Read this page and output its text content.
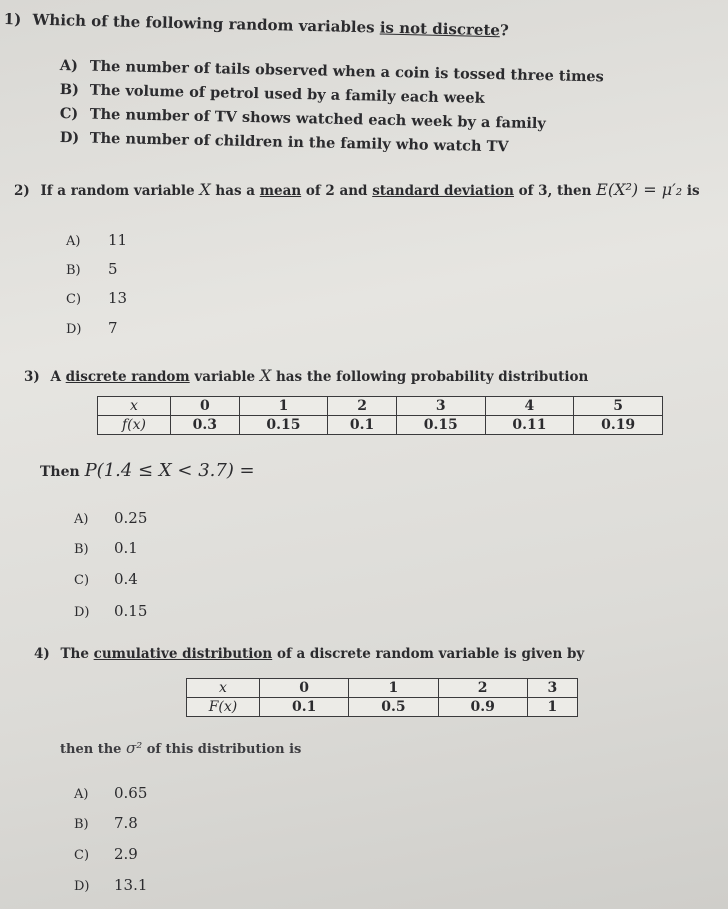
1) Which of the following random variables is not discrete?
A) The number of tails observed when a coin is tossed three times
B) The volume of petrol used by a family each week
C) The number of TV shows watched each week by a family
D) The number of children in the family who watch TV
2) If a random variable X has a mean of 2 and standard deviation of 3, then E(X²) = μ′₂ is
A) 11
B) 5
C) 13
D) 7
3) A discrete random variable X has the following probability distribution
x	0	1	2	3	4	5
f(x)	0.3	0.15	0.1	0.15	0.11	0.19
Then P(1.4 ≤ X < 3.7) =
A) 0.25
B) 0.1
C) 0.4
D) 0.15
4) The cumulative distribution of a discrete random variable is given by
x	0	1	2	3
F(x)	0.1	0.5	0.9	1
then the σ² of this distribution is
A) 0.65
B) 7.8
C) 2.9
D) 13.1
